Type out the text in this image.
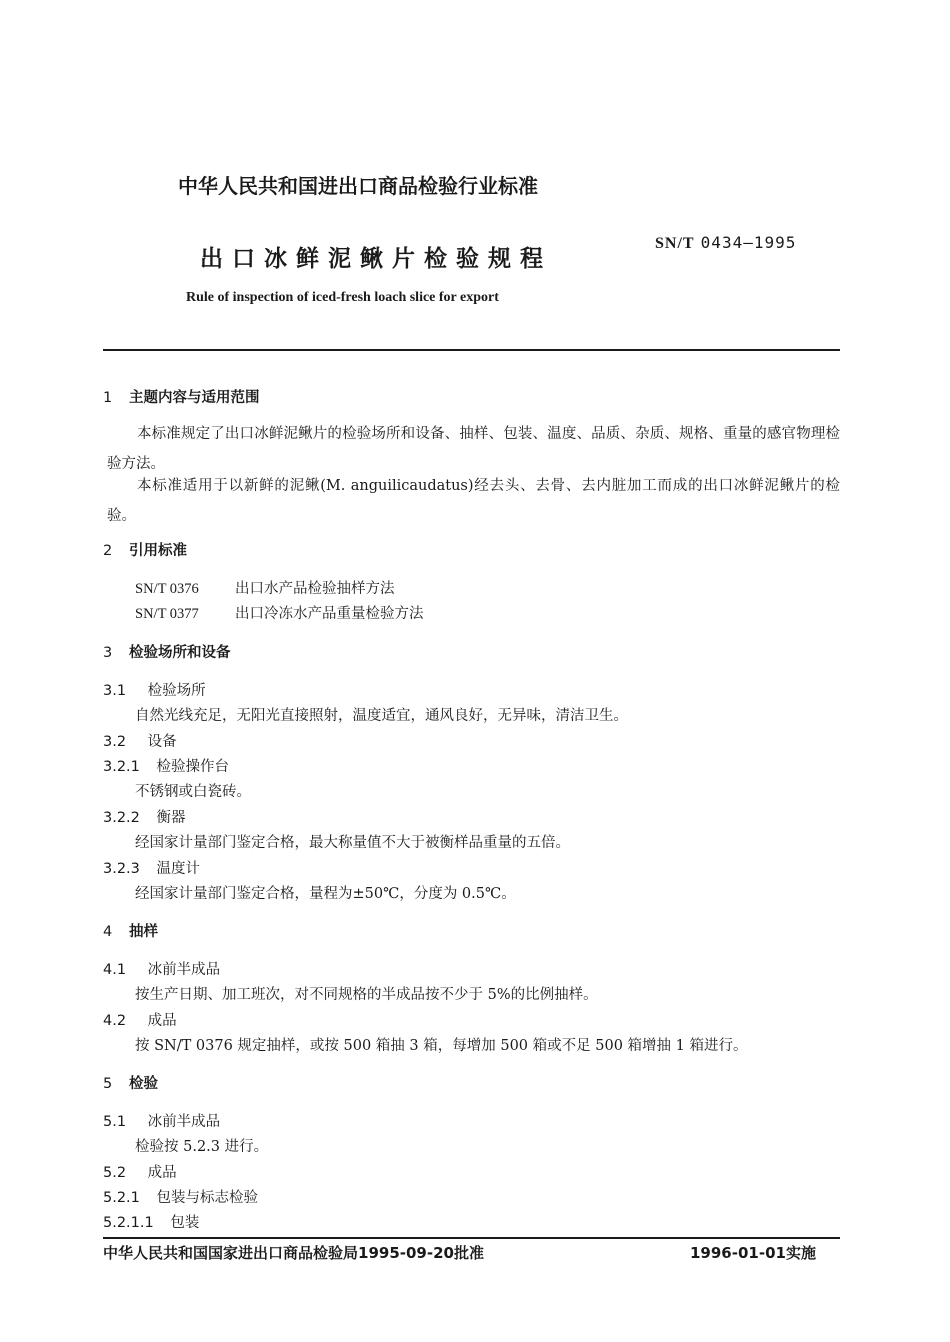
中华人民共和国进出口商品检验行业标准
出口冰鲜泥鳅片检验规程
SN/T 0434—1995
Rule of inspection of iced-fresh loach slice for export
1 主题内容与适用范围
本标准规定了出口冰鲜泥鳅片的检验场所和设备、抽样、包装、温度、品质、杂质、规格、重量的感官物理检验方法。
本标准适用于以新鲜的泥鳅(M. anguilicaudatus)经去头、去骨、去内脏加工而成的出口冰鲜泥鳅片的检验。
2 引用标准
SN/T 0376 出口水产品检验抽样方法
SN/T 0377 出口冷冻水产品重量检验方法
3 检验场所和设备
3.1 检验场所
自然光线充足，无阳光直接照射，温度适宜，通风良好，无异味，清洁卫生。
3.2 设备
3.2.1 检验操作台
不锈钢或白瓷砖。
3.2.2 衡器
经国家计量部门鉴定合格，最大称量值不大于被衡样品重量的五倍。
3.2.3 温度计
经国家计量部门鉴定合格，量程为±50℃，分度为 0.5℃。
4 抽样
4.1 冰前半成品
按生产日期、加工班次，对不同规格的半成品按不少于 5%的比例抽样。
4.2 成品
按 SN/T 0376 规定抽样，或按 500 箱抽 3 箱，每增加 500 箱或不足 500 箱增抽 1 箱进行。
5 检验
5.1 冰前半成品
检验按 5.2.3 进行。
5.2 成品
5.2.1 包装与标志检验
5.2.1.1 包装
中华人民共和国国家进出口商品检验局1995-09-20批准	1996-01-01实施
